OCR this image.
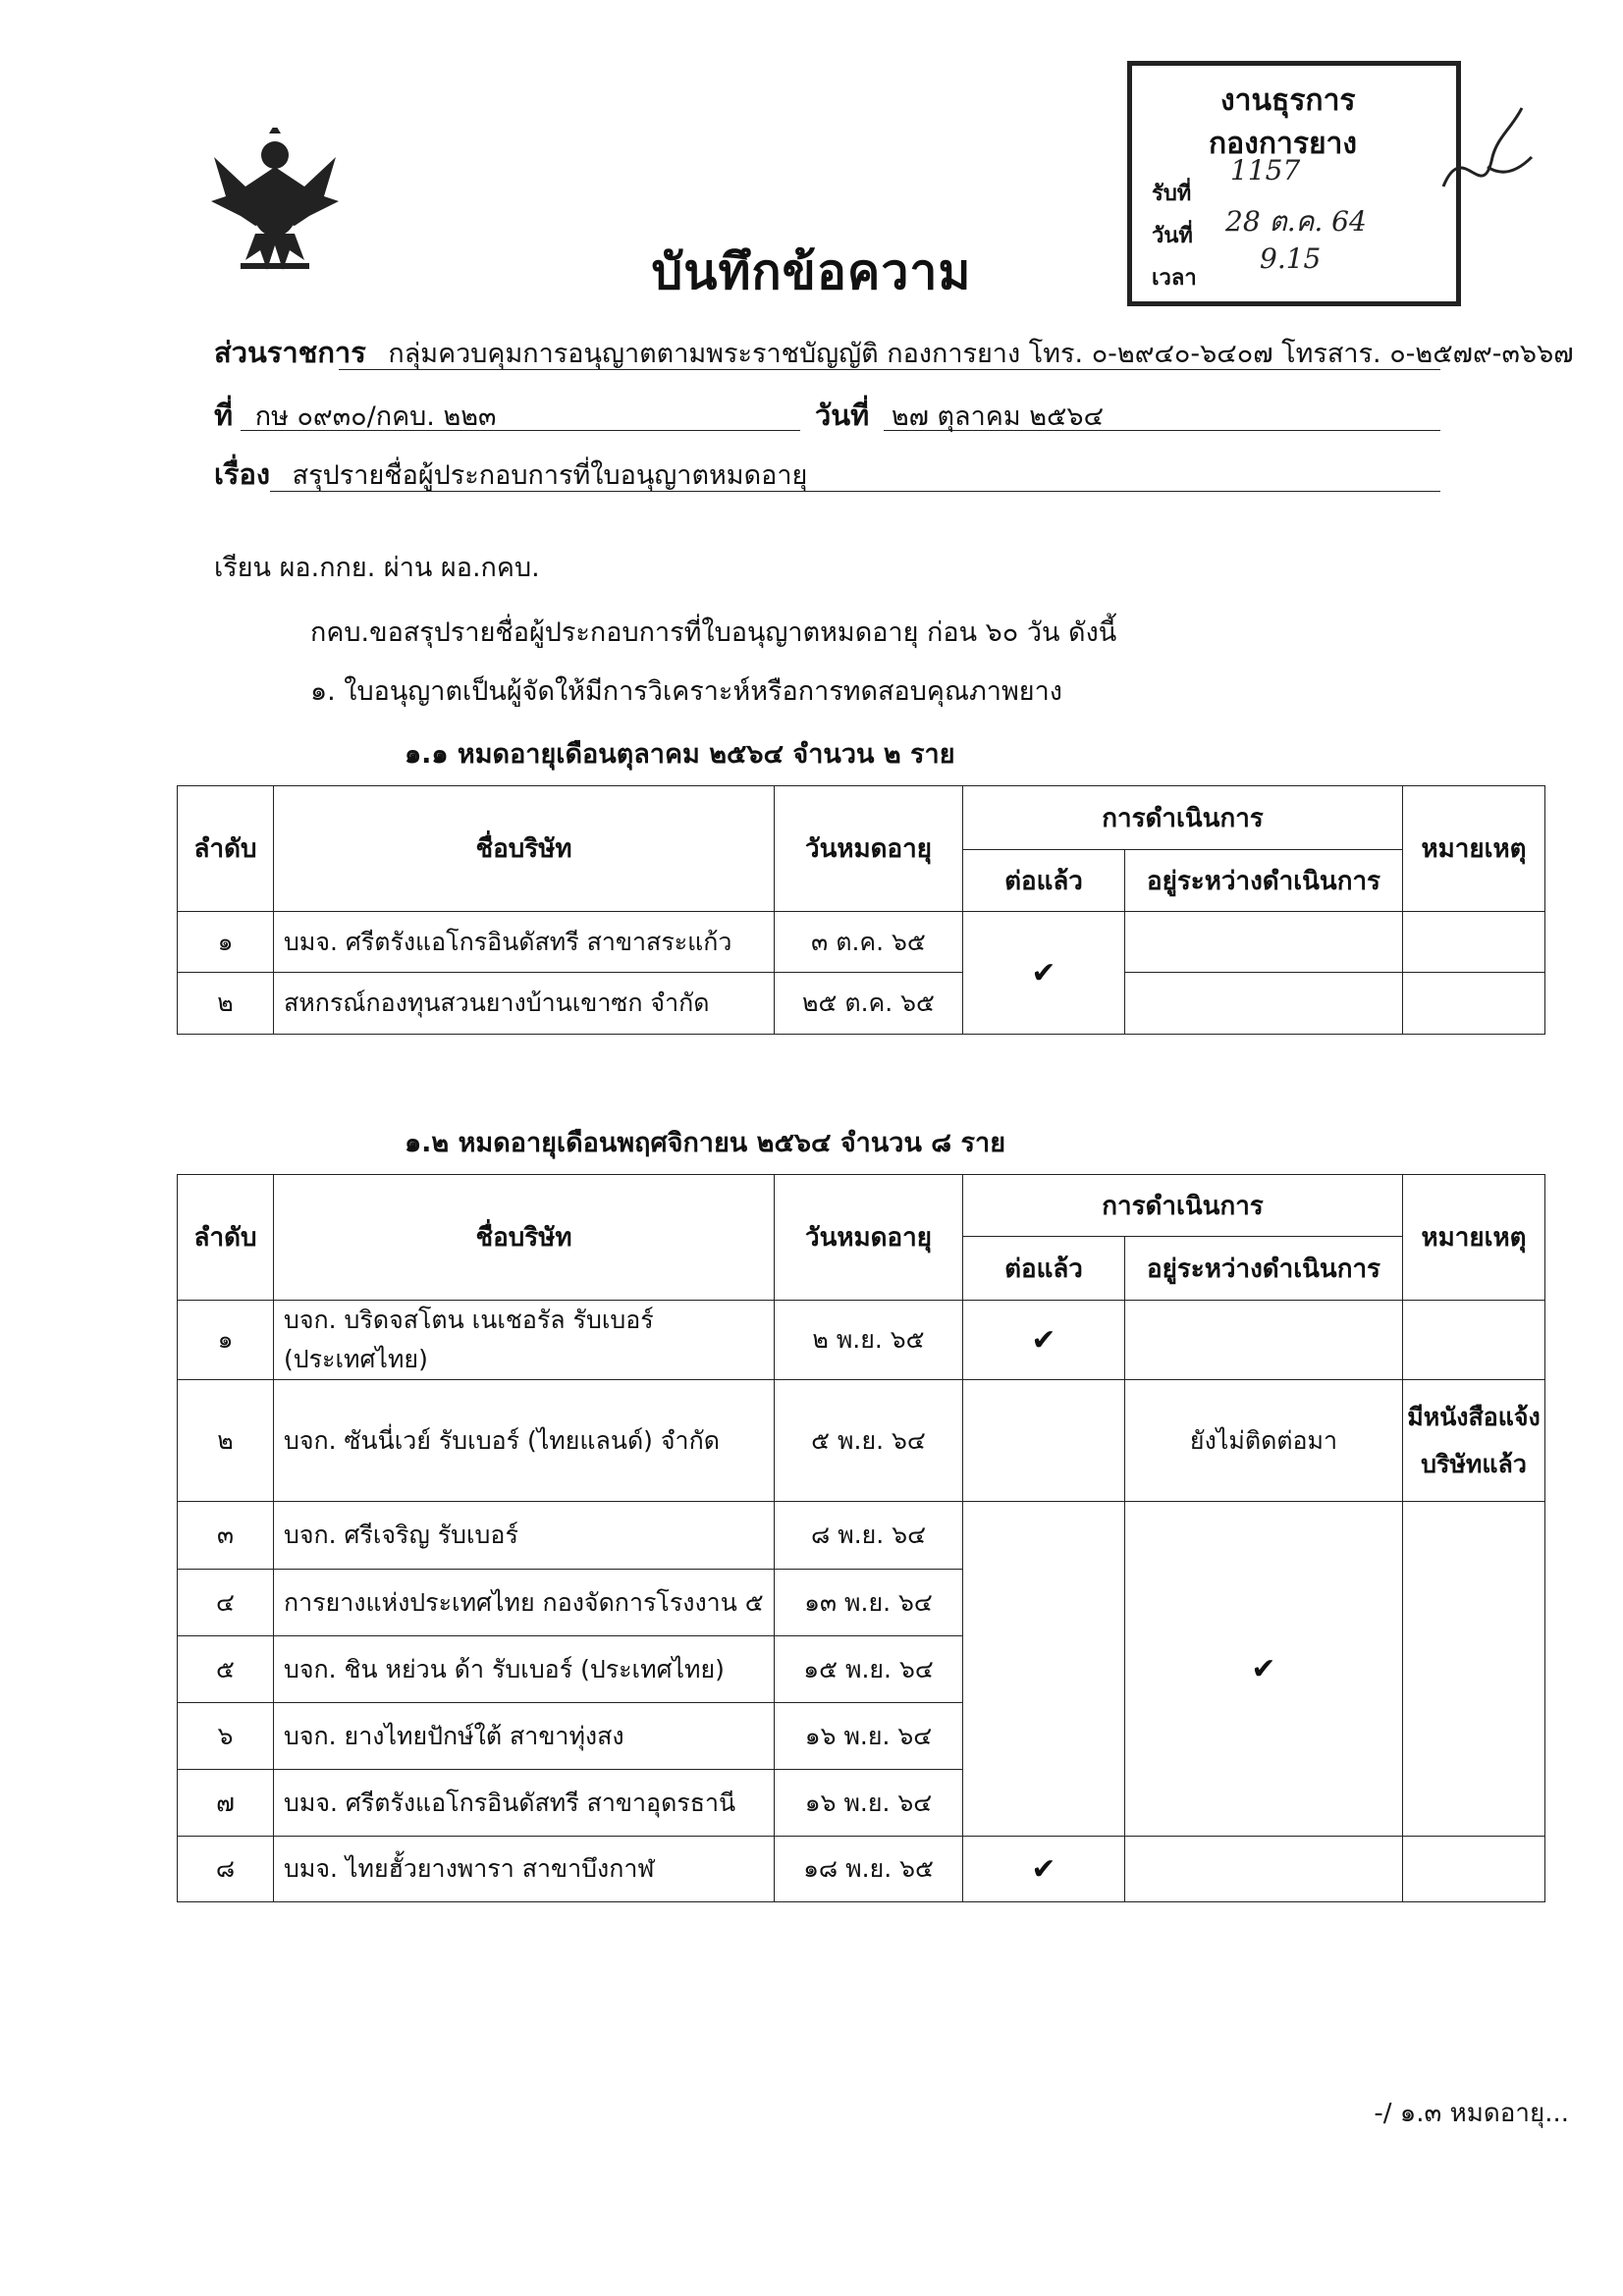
งานธุรการ
กองการยาง
รับที่
1157
วันที่ 28 ต.ค. 64
เวลา
9.15
บันทึกข้อความ
ส่วนราชการ กลุ่มควบคุมการอนุญาตตามพระราชบัญญัติ กองการยาง โทร. ๐-๒๙๔๐-๖๔๐๗ โทรสาร. ๐-๒๕๗๙-๓๖๖๗
ที่ กษ ๐๙๓๐/กคบ. ๒๒๓	วันที่ ๒๗ ตุลาคม ๒๕๖๔
เรื่อง สรุปรายชื่อผู้ประกอบการที่ใบอนุญาตหมดอายุ
เรียน ผอ.กกย. ผ่าน ผอ.กคบ.
กคบ.ขอสรุปรายชื่อผู้ประกอบการที่ใบอนุญาตหมดอายุ ก่อน ๖๐ วัน ดังนี้
๑. ใบอนุญาตเป็นผู้จัดให้มีการวิเคราะห์หรือการทดสอบคุณภาพยาง
๑.๑ หมดอายุเดือนตุลาคม ๒๕๖๔ จำนวน ๒ ราย
ลำดับ	ชื่อบริษัท	วันหมดอายุ	การดำเนินการ		หมายเหตุ
			ต่อแล้ว	อยู่ระหว่างดำเนินการ	
๑	บมจ. ศรีตรังแอโกรอินดัสทรี สาขาสระแก้ว	๓ ต.ค. ๖๕	✔		
๒	สหกรณ์กองทุนสวนยางบ้านเขาซก จำกัด	๒๕ ต.ค. ๖๕			
๑.๒ หมดอายุเดือนพฤศจิกายน ๒๕๖๔ จำนวน ๘ ราย
ลำดับ	ชื่อบริษัท	วันหมดอายุ	การดำเนินการ		หมายเหตุ
			ต่อแล้ว	อยู่ระหว่างดำเนินการ	
๑	บจก. บริดจสโตน เนเชอรัล รับเบอร์ (ประเทศไทย)	๒ พ.ย. ๖๕	✔		
๒	บจก. ซันนี่เวย์ รับเบอร์ (ไทยแลนด์) จำกัด	๕ พ.ย. ๖๔		ยังไม่ติดต่อมา	มีหนังสือแจ้งบริษัทแล้ว
๓	บจก. ศรีเจริญ รับเบอร์	๘ พ.ย. ๖๔		✔	
๔	การยางแห่งประเทศไทย กองจัดการโรงงาน ๕	๑๓ พ.ย. ๖๔			
๕	บจก. ชิน หย่วน ด้า รับเบอร์ (ประเทศไทย)	๑๕ พ.ย. ๖๔			
๖	บจก. ยางไทยปักษ์ใต้ สาขาทุ่งสง	๑๖ พ.ย. ๖๔			
๗	บมจ. ศรีตรังแอโกรอินดัสทรี สาขาอุดรธานี	๑๖ พ.ย. ๖๔			
๘	บมจ. ไทยฮั้วยางพารา สาขาบึงกาฬ	๑๘ พ.ย. ๖๕	✔		
-/ ๑.๓ หมดอายุ...
